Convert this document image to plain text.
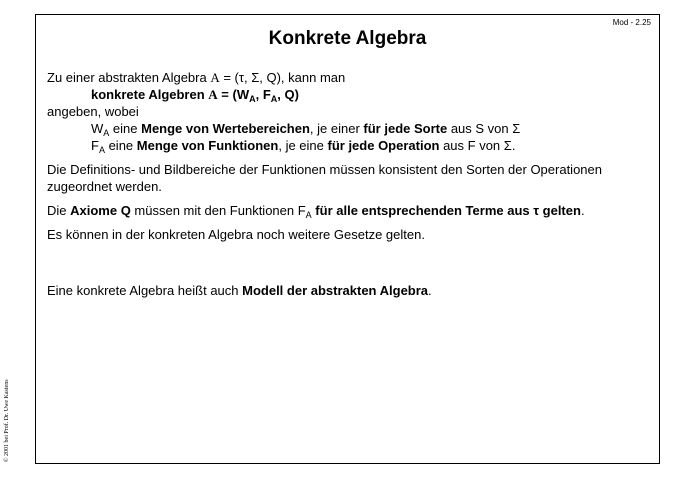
© 2001 bei Prof. Dr. Uwe Kastens
Mod - 2.25
Konkrete Algebra

Zu einer abstrakten Algebra A = (τ, Σ, Q), kann man

konkrete Algebren $A = (W_A$, $F_A$, Q)

angeben, wobei

$W_A$ eine Menge von Wertebereichen, je einer für jede Sorte aus S von Σ

$F_A$ eine Menge von Funktionen, je eine für jede Operation aus F von Σ.

Die Definitions- und Bildbereiche der Funktionen müssen konsistent den Sorten der Operationen zugeordnet werden.

Die Axiome Q müssen mit den Funktionen $F_A$ für alle entsprechenden Terme aus τ gelten.

Es können in der konkreten Algebra noch weitere Gesetze gelten.

Eine konkrete Algebra heißt auch Modell der abstrakten Algebra.
